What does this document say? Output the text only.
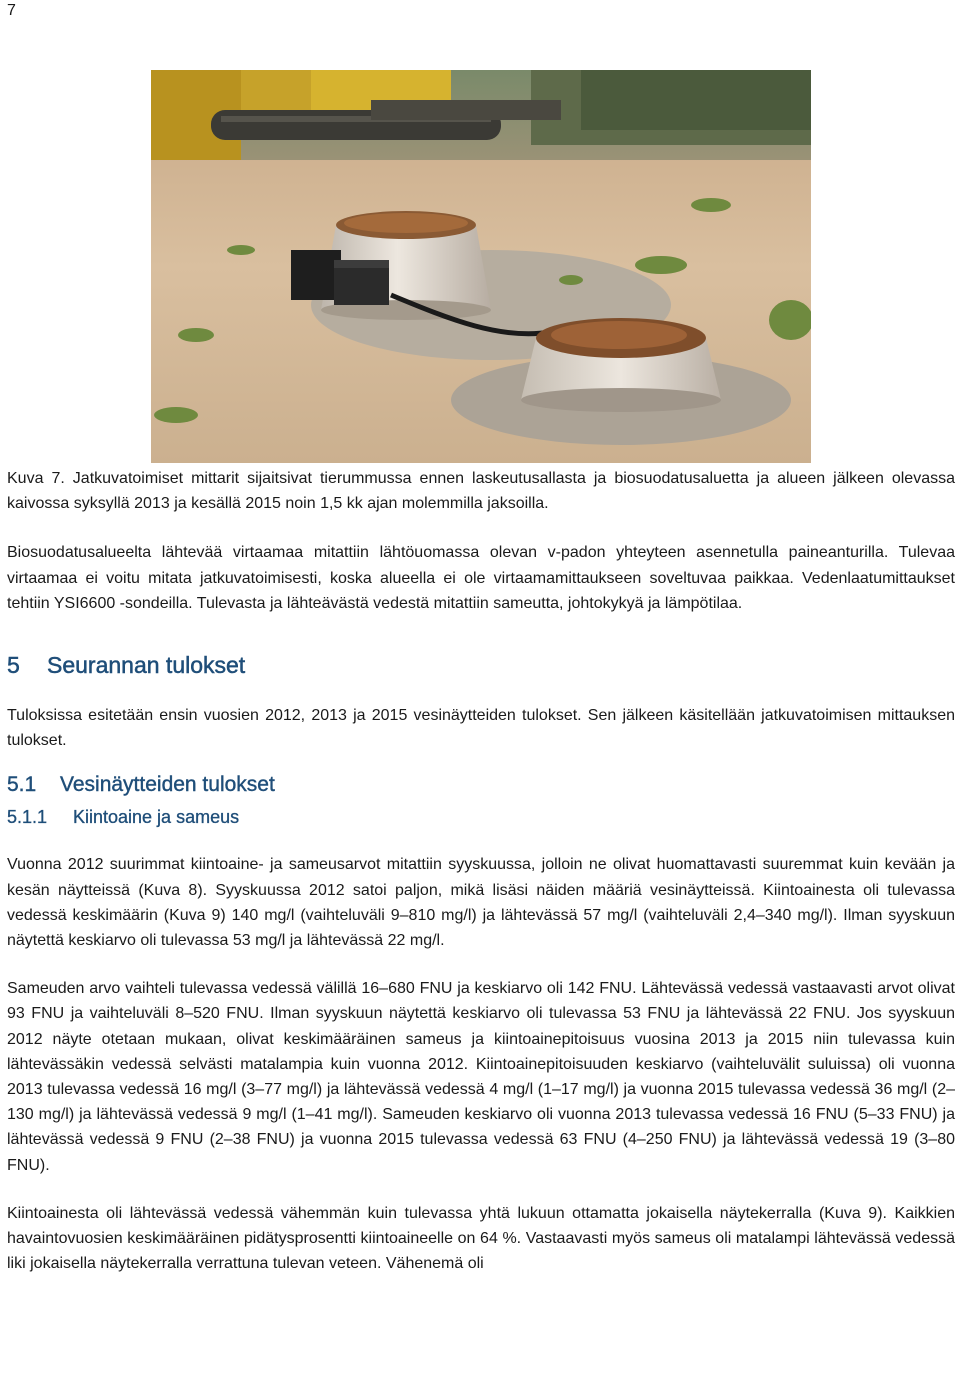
7

Kuva 7. Jatkuvatoimiset mittarit sijaitsivat tierummussa ennen laskeutusallasta ja biosuodatusaluetta ja alueen jälkeen olevassa kaivossa syksyllä 2013 ja kesällä 2015 noin 1,5 kk ajan molemmilla jaksoilla.

Biosuodatusalueelta lähtevää virtaamaa mitattiin lähtöuomassa olevan v-padon yhteyteen asennetulla paineanturilla. Tulevaa virtaamaa ei voitu mitata jatkuvatoimisesti, koska alueella ei ole virtaamamittaukseen soveltuvaa paikkaa. Vedenlaatumittaukset tehtiin YSI6600 -sondeilla. Tulevasta ja lähteävästä vedestä mitattiin sameutta, johtokykyä ja lämpötilaa.

5 Seurannan tulokset

Tuloksissa esitetään ensin vuosien 2012, 2013 ja 2015 vesinäytteiden tulokset. Sen jälkeen käsitellään jatkuvatoimisen mittauksen tulokset.

5.1 Vesinäytteiden tulokset
5.1.1 Kiintoaine ja sameus

Vuonna 2012 suurimmat kiintoaine- ja sameusarvot mitattiin syyskuussa, jolloin ne olivat huomattavasti suuremmat kuin kevään ja kesän näytteissä (Kuva 8). Syyskuussa 2012 satoi paljon, mikä lisäsi näiden määriä vesinäytteissä. Kiintoainesta oli tulevassa vedessä keskimäärin (Kuva 9) 140 mg/l (vaihteluväli 9–810 mg/l) ja lähtevässä 57 mg/l (vaihteluväli 2,4–340 mg/l). Ilman syyskuun näytettä keskiarvo oli tulevassa 53 mg/l ja lähtevässä 22 mg/l.

Sameuden arvo vaihteli tulevassa vedessä välillä 16–680 FNU ja keskiarvo oli 142 FNU. Lähtevässä vedessä vastaavasti arvot olivat 93 FNU ja vaihteluväli 8–520 FNU. Ilman syyskuun näytettä keskiarvo oli tulevassa 53 FNU ja lähtevässä 22 FNU. Jos syyskuun 2012 näyte otetaan mukaan, olivat keskimääräinen sameus ja kiintoainepitoisuus vuosina 2013 ja 2015 niin tulevassa kuin lähtevässäkin vedessä selvästi matalampia kuin vuonna 2012. Kiintoainepitoisuuden keskiarvo (vaihteluvälit suluissa) oli vuonna 2013 tulevassa vedessä 16 mg/l (3–77 mg/l) ja lähtevässä vedessä 4 mg/l (1–17 mg/l) ja vuonna 2015 tulevassa vedessä 36 mg/l (2–130 mg/l) ja lähtevässä vedessä 9 mg/l (1–41 mg/l). Sameuden keskiarvo oli vuonna 2013 tulevassa vedessä 16 FNU (5–33 FNU) ja lähtevässä vedessä 9 FNU (2–38 FNU) ja vuonna 2015 tulevassa vedessä 63 FNU (4–250 FNU) ja lähtevässä vedessä 19 (3–80 FNU).

Kiintoainesta oli lähtevässä vedessä vähemmän kuin tulevassa yhtä lukuun ottamatta jokaisella näytekerralla (Kuva 9). Kaikkien havaintovuosien keskimääräinen pidätysprosentti kiintoaineelle on 64 %. Vastaavasti myös sameus oli matalampi lähtevässä vedessä liki jokaisella näytekerralla verrattuna tulevan veteen. Vähenemä oli
